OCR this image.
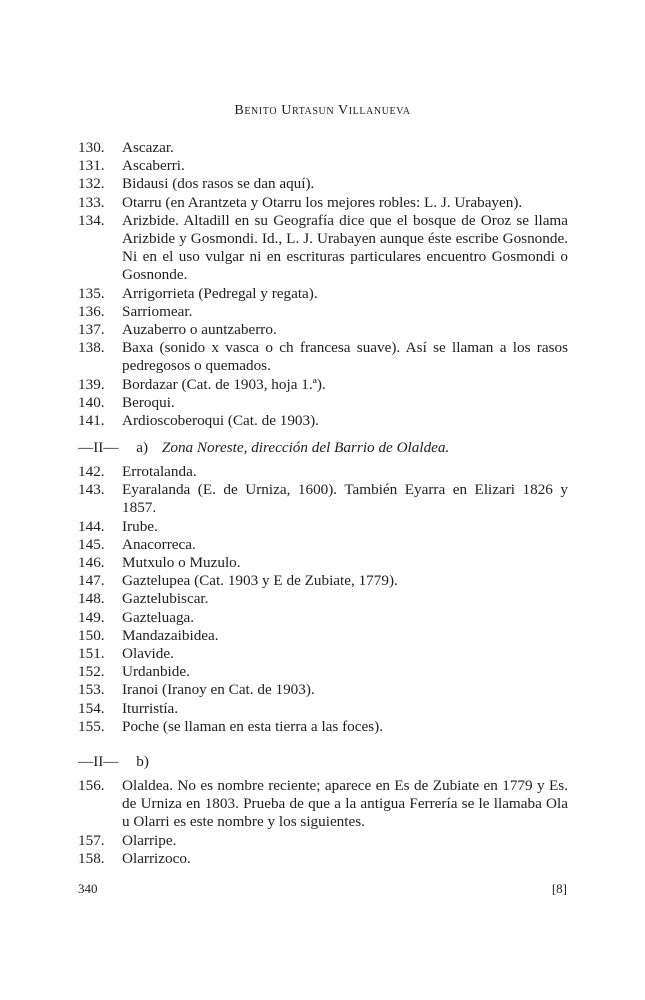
Benito Urtasun Villanueva
130.	Ascazar.
131.	Ascaberri.
132.	Bidausi (dos rasos se dan aquí).
133.	Otarru (en Arantzeta y Otarru los mejores robles: L. J. Urabayen).
134.	Arizbide. Altadill en su Geografía dice que el bosque de Oroz se llama Arizbide y Gosmondi. Id., L. J. Urabayen aunque éste escribe Gosnonde. Ni en el uso vulgar ni en escrituras particulares encuentro Gosmondi o Gosnonde.
135.	Arrigorrieta (Pedregal y regata).
136.	Sarriomear.
137.	Auzaberro o auntzaberro.
138.	Baxa (sonido x vasca o ch francesa suave). Así se llaman a los rasos pedregosos o quemados.
139.	Bordazar (Cat. de 1903, hoja 1.ª).
140.	Beroqui.
141.	Ardioscoberoqui (Cat. de 1903).
—II— a) Zona Noreste, dirección del Barrio de Olaldea.
142.	Errotalanda.
143.	Eyaralanda (E. de Urniza, 1600). También Eyarra en Elizari 1826 y 1857.
144.	Irube.
145.	Anacorreca.
146.	Mutxulo o Muzulo.
147.	Gaztelupea (Cat. 1903 y E de Zubiate, 1779).
148.	Gaztelubiscar.
149.	Gazteluaga.
150.	Mandazaibidea.
151.	Olavide.
152.	Urdanbide.
153.	Iranoi (Iranoy en Cat. de 1903).
154.	Iturristía.
155.	Poche (se llaman en esta tierra a las foces).
—II— b)
156.	Olaldea. No es nombre reciente; aparece en Es de Zubiate en 1779 y Es. de Urniza en 1803. Prueba de que a la antigua Ferrería se le llamaba Ola u Olarri es este nombre y los siguientes.
157.	Olarripe.
158.	Olarrizoco.
340	[8]
